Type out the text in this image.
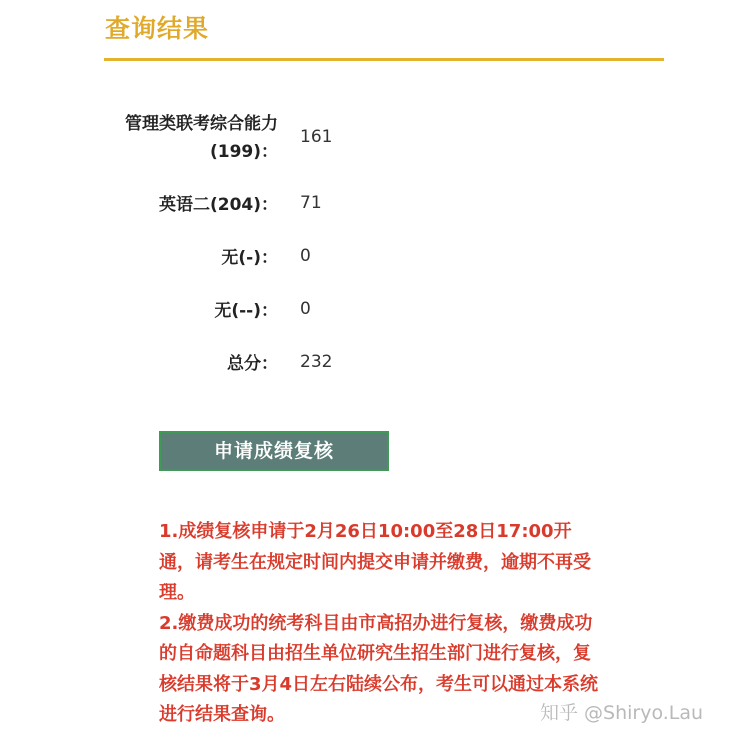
查询结果
管理类联考综合能力
(199)：
161
英语二(204)： 71
无(-)： 0
无(--)： 0
总分： 232
申请成绩复核

1.成绩复核申请于2月26日10:00至28日17:00开通，请考生在规定时间内提交申请并缴费，逾期不再受理。

2.缴费成功的统考科目由市高招办进行复核，缴费成功的自命题科目由招生单位研究生招生部门进行复核，复核结果将于3月4日左右陆续公布，考生可以通过本系统进行结果查询。	知乎 @Shiryo.Lau
